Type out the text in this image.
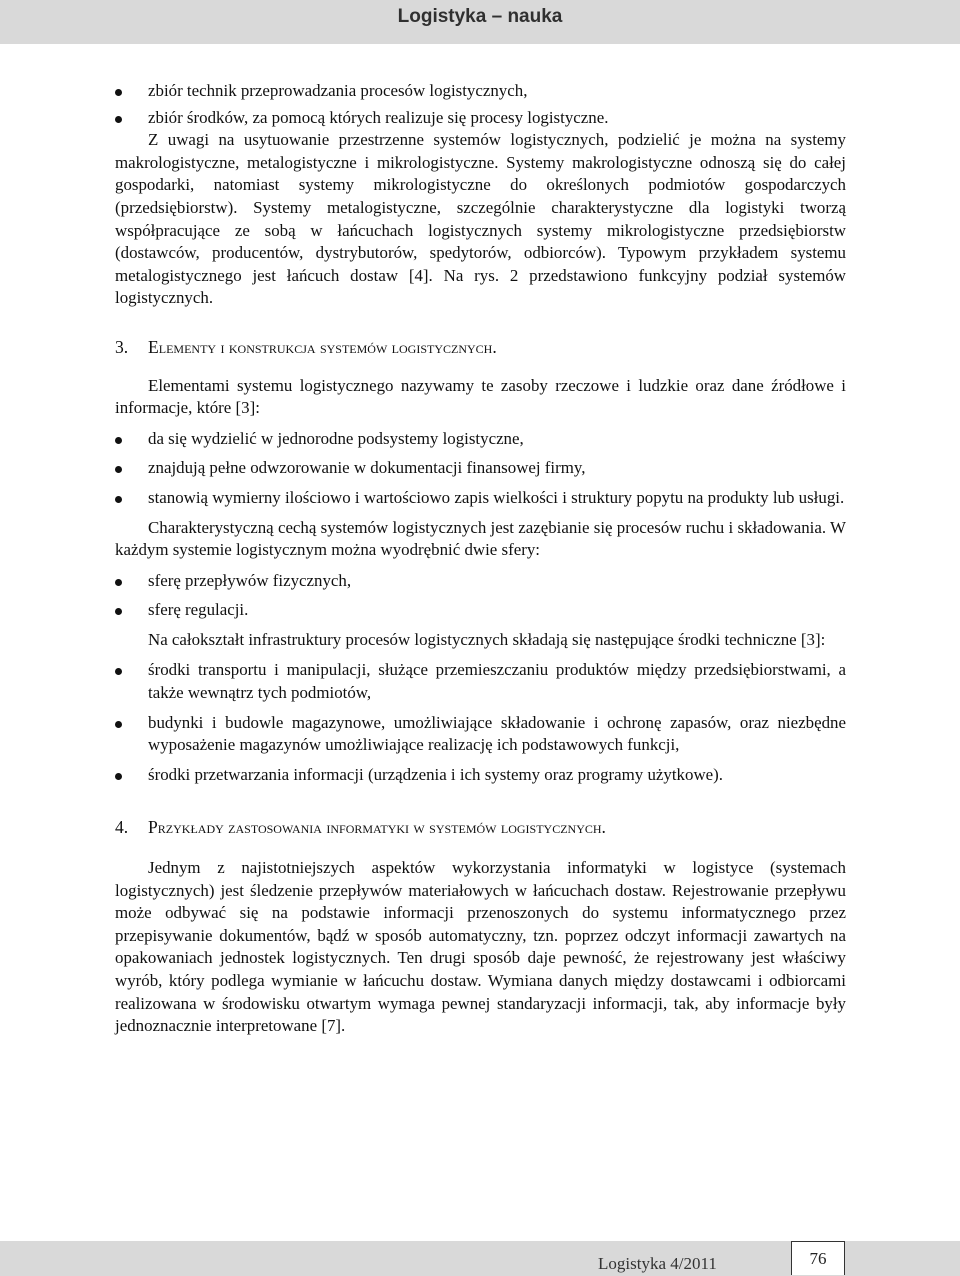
Logistyka – nauka
zbiór technik przeprowadzania procesów logistycznych,
zbiór środków, za pomocą których realizuje się procesy logistyczne.

Z uwagi na usytuowanie przestrzenne systemów logistycznych, podzielić je można na systemy makrologistyczne, metalogistyczne i mikrologistyczne. Systemy makrologistyczne odnoszą się do całej gospodarki, natomiast systemy mikrologistyczne do określonych podmiotów gospodarczych (przedsiębiorstw). Systemy metalogistyczne, szczególnie charakterystyczne dla logistyki tworzą współpracujące ze sobą w łańcuchach logistycznych systemy mikrologistyczne przedsiębiorstw (dostawców, producentów, dystrybutorów, spedytorów, odbiorców). Typowym przykładem systemu metalogistycznego jest łańcuch dostaw [4]. Na rys. 2 przedstawiono funkcyjny podział systemów logistycznych.

3.	Elementy i konstrukcja systemów logistycznych.

Elementami systemu logistycznego nazywamy te zasoby rzeczowe i ludzkie oraz dane źródłowe i informacje, które [3]:

da się wydzielić w jednorodne podsystemy logistyczne,
znajdują pełne odwzorowanie w dokumentacji finansowej firmy,
stanowią wymierny ilościowo i wartościowo zapis wielkości i struktury popytu na produkty lub usługi.

Charakterystyczną cechą systemów logistycznych jest zazębianie się procesów ruchu i składowania. W każdym systemie logistycznym można wyodrębnić dwie sfery:

sferę przepływów fizycznych,
sferę regulacji.

Na całokształt infrastruktury procesów logistycznych składają się następujące środki techniczne [3]:

środki transportu i manipulacji, służące przemieszczaniu produktów między przedsiębiorstwami, a także wewnątrz tych podmiotów,
budynki i budowle magazynowe, umożliwiające składowanie i ochronę zapasów, oraz niezbędne wyposażenie magazynów umożliwiające realizację ich podstawowych funkcji,
środki przetwarzania informacji (urządzenia i ich systemy oraz programy użytkowe).
4.	Przykłady zastosowania informatyki w systemów logistycznych.

Jednym z najistotniejszych aspektów wykorzystania informatyki w logistyce (systemach logistycznych) jest śledzenie przepływów materiałowych w łańcuchach dostaw. Rejestrowanie przepływu może odbywać się na podstawie informacji przenoszonych do systemu informatycznego przez przepisywanie dokumentów, bądź w sposób automatyczny, tzn. poprzez odczyt informacji zawartych na opakowaniach jednostek logistycznych. Ten drugi sposób daje pewność, że rejestrowany jest właściwy wyrób, który podlega wymianie w łańcuchu dostaw. Wymiana danych między dostawcami i odbiorcami realizowana w środowisku otwartym wymaga pewnej standaryzacji informacji, tak, aby informacje były jednoznacznie interpretowane [7].

Logistyka 4/2011	76
